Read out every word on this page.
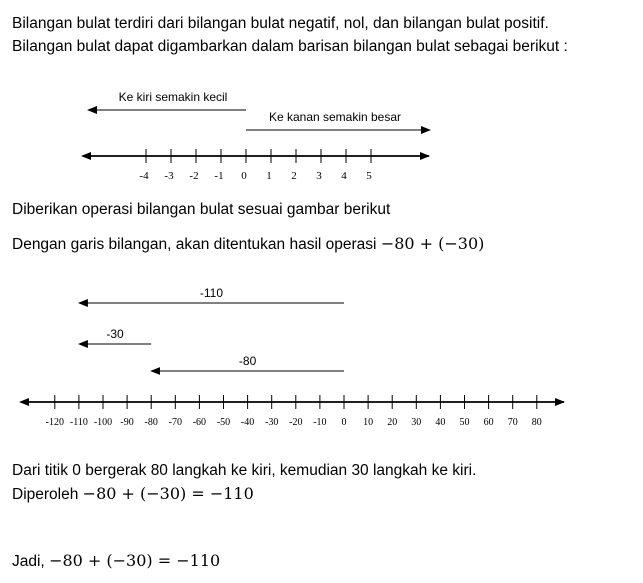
Bilangan bulat terdiri dari bilangan bulat negatif, nol, dan bilangan bulat positif.
Bilangan bulat dapat digambarkan dalam barisan bilangan bulat sebagai berikut :
Ke kiri semakin kecil
Ke kanan semakin besar
-4 -3 -2 -1 0 1 2 3 4 5
Diberikan operasi bilangan bulat sesuai gambar berikut
Dengan garis bilangan, akan ditentukan hasil operasi −80 + (−30)
-110
-30
-80
-120 -110 -100 -90 -80 -70 -60 -50 -40 -30 -20 -10 0 10 20 30 40 50 60 70 80
Dari titik 0 bergerak 80 langkah ke kiri, kemudian 30 langkah ke kiri.
Diperoleh −80 + (−30) = −110
Jadi, −80 + (−30) = −110
